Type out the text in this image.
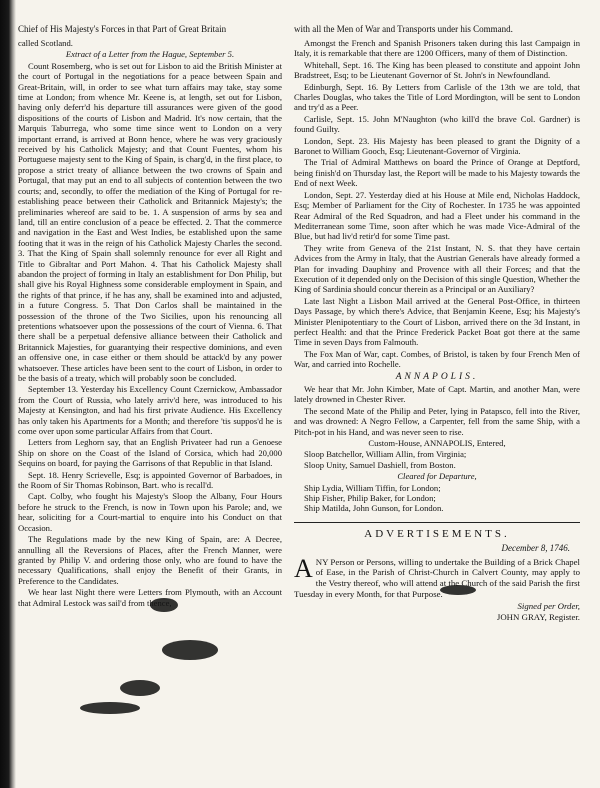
Chief of His Majesty's Forces in that Part of Great Britain	with all the Men of War and Transports under his Command.

called Scotland.

Extract of a Letter from the Hague, September 5.

Count Rosemberg, who is set out for Lisbon to aid the British Minister at the court of Portugal in the negotiations for a peace between Spain and Great-Britain, will, in order to see what turn affairs may take, stay some time at London; from whence Mr. Keene is, at length, set out for Lisbon, having only deferr'd his departure till assurances were given of the good dispositions of the courts of Lisbon and Madrid. It's now certain, that the Marquis Taburrega, who some time since went to London on a very important errand, is arrived at Bonn hence, where he was very graciously received by his Catholick Majesty; and that Count Fuentes, whom his Portuguese majesty sent to the King of Spain, is charg'd, in the first place, to propose a strict treaty of alliance between the two crowns of Spain and Portugal, that may put an end to all subjects of contention between the two courts; and, secondly, to offer the mediation of the King of Portugal for re-establishing peace between their Catholick and Britannick Majesty's; the preliminaries whereof are said to be. 1. A suspension of arms by sea and land, till an entire conclusion of a peace be effected. 2. That the commerce and navigation in the East and West Indies, be established upon the same footing that it was in the reign of his Catholick Majesty Charles the second. 3. That the King of Spain shall solemnly renounce for ever all Right and Title to Gibraltar and Port Mahon. 4. That his Catholick Majesty shall abandon the project of forming in Italy an establishment for Don Philip, but shall give his Royal Highness some considerable employment in Spain, and the rights of that prince, if he has any, shall be examined into and adjusted, in a future Congress. 5. That Don Carlos shall be maintained in the possession of the throne of the Two Sicilies, upon his renouncing all pretentions whatsoever upon the possessions of the court of Vienna. 6. That there shall be a perpetual defensive alliance between their Catholick and Britannick Majesties, for guarantying their respective dominions, and even an offensive one, in case either or them should be attack'd by any power whatsoever. These articles have been sent to the court of Lisbon, in order to be the basis of a treaty, which will probably soon be concluded.

September 13. Yesterday his Excellency Count Czernickow, Ambassador from the Court of Russia, who lately arriv'd here, was introduced to his Majesty at Kensington, and had his first private Audience. His Excellency has only taken his Apartments for a Month; and therefore 'tis suppos'd he is come over upon some particular Affairs from that Court.

Letters from Leghorn say, that an English Privateer had run a Genoese Ship on shore on the Coast of the Island of Corsica, which had 20,000 Sequins on board, for paying the Garrisons of that Republic in that Island.

Sept. 18. Henry Scrievelle, Esq; is appointed Governor of Barbadoes, in the Room of Sir Thomas Robinson, Bart. who is recall'd.

Capt. Colby, who fought his Majesty's Sloop the Albany, Four Hours before he struck to the French, is now in Town upon his Parole; and, we hear, soliciting for a Court-martial to enquire into his Conduct on that Occasion.

The Regulations made by the new King of Spain, are: A Decree, annulling all the Reversions of Places, after the French Manner, were granted by Philip V. and ordering those only, who are found to have the necessary Qualifications, shall enjoy the Benefit of their Grants, in Preference to the Candidates.

We hear last Night there were Letters from Plymouth, with an Account that Admiral Lestock was sail'd from thence,

Amongst the French and Spanish Prisoners taken during this last Campaign in Italy, it is remarkable that there are 1200 Officers, many of them of Distinction.

Whitehall, Sept. 16. The King has been pleased to constitute and appoint John Bradstreet, Esq; to be Lieutenant Governor of St. John's in Newfoundland.

Edinburgh, Sept. 16. By Letters from Carlisle of the 13th we are told, that Charles Douglas, who takes the Title of Lord Mordington, will be sent to London and try'd as a Peer.

Carlisle, Sept. 15. John M'Naughton (who kill'd the brave Col. Gardner) is found Guilty.

London, Sept. 23. His Majesty has been pleased to grant the Dignity of a Baronet to William Gooch, Esq; Lieutenant-Governor of Virginia.

The Trial of Admiral Matthews on board the Prince of Orange at Deptford, being finish'd on Thursday last, the Report will be made to his Majesty towards the End of next Week.

London, Sept. 27. Yesterday died at his House at Mile end, Nicholas Haddock, Esq; Member of Parliament for the City of Rochester. In 1735 he was appointed Rear Admiral of the Red Squadron, and had a Fleet under his command in the Mediterranean some Time, soon after which he was made Vice-Admiral of the Blue, but had liv'd retir'd for some Time past.

They write from Geneva of the 21st Instant, N. S. that they have certain Advices from the Army in Italy, that the Austrian Generals have already formed a Plan for invading Dauphiny and Provence with all their Forces; and that the Execution of it depended only on the Decision of this single Question, Whether the King of Sardinia should concur therein as a Principal or an Auxiliary?

Late last Night a Lisbon Mail arrived at the General Post-Office, in thirteen Days Passage, by which there's Advice, that Benjamin Keene, Esq; his Majesty's Minister Plenipotentiary to the Court of Lisbon, arrived there on the 3d Instant, in perfect Health: and that the Prince Frederick Packet Boat got there at the same Time in seven Days from Falmouth.

The Fox Man of War, capt. Combes, of Bristol, is taken by four French Men of War, and carried into Rochelle.

ANNAPOLIS.

We hear that Mr. John Kimber, Mate of Capt. Martin, and another Man, were lately drowned in Chester River.

The second Mate of the Philip and Peter, lying in Patapsco, fell into the River, and was drowned: A Negro Fellow, a Carpenter, fell from the same Ship, with a Pitch-pot in his Hand, and was never seen to rise.

Custom-House, ANNAPOLIS, Entered,

Sloop Batchellor, William Allin, from Virginia;

Sloop Unity, Samuel Dashiell, from Boston.

Cleared for Departure,

Ship Lydia, William Tiffin, for London;

Ship Fisher, Philip Baker, for London;

Ship Matilda, John Gunson, for London.

ADVERTISEMENTS.
December 8, 1746.

ANY Person or Persons, willing to undertake the Building of a Brick Chapel of Ease, in the Parish of Christ-Church in Calvert County, may apply to the Vestry thereof, who will attend at the Church of the said Parish the first Tuesday in every Month, for that Purpose.

Signed per Order,

JOHN GRAY, Register.
